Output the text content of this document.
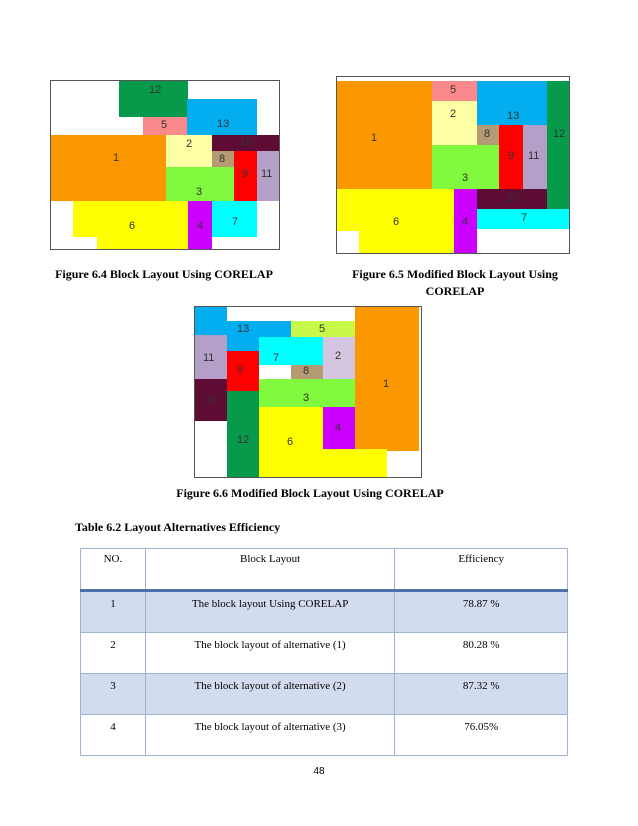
12
5	13
2	10
1	8
9 11
3
6	4	7
5
1
2	13
12
8
9 11
3
10
6	4	7
13	5
1
11	7	2
9	8
10	3
4
12	6
Figure 6.4 Block Layout Using CORELAP	Figure 6.5 Modified Block Layout Using CORELAP
Figure 6.6 Modified Block Layout Using CORELAP
Table 6.2 Layout Alternatives Efficiency
NO.	Block Layout	Efficiency
1	The block layout Using CORELAP	78.87 %
2	The block layout of alternative (1)	80.28 %
3	The block layout of alternative (2)	87.32 %
4	The block layout of alternative (3)	76.05%
48
